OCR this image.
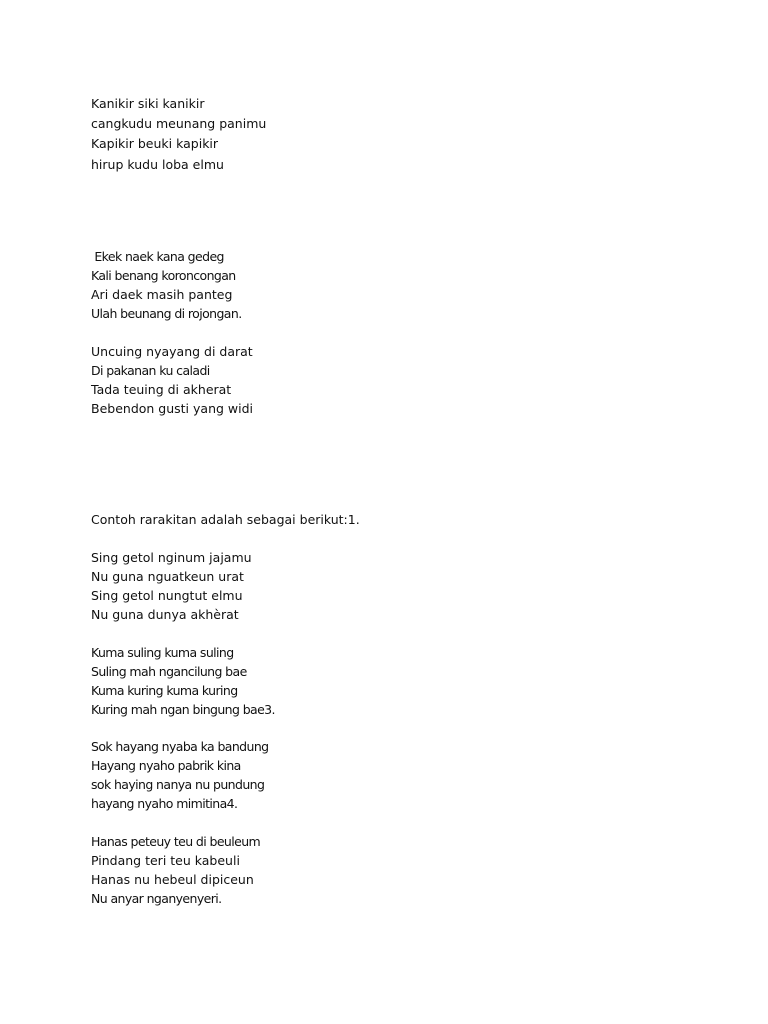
Kanikir siki kanikir
cangkudu meunang panimu
Kapikir beuki kapikir
hirup kudu loba elmu
Ekek naek kana gedeg
Kali benang koroncongan
Ari daek masih panteg
Ulah beunang di rojongan.
Uncuing nyayang di darat
Di pakanan ku caladi
Tada teuing di akherat
Bebendon gusti yang widi
Contoh rarakitan adalah sebagai berikut:1.
Sing getol nginum jajamu
Nu guna nguatkeun urat
Sing getol nungtut elmu
Nu guna dunya akhèrat
Kuma suling kuma suling
Suling mah ngancilung bae
Kuma kuring kuma kuring
Kuring mah ngan bingung bae3.
Sok hayang nyaba ka bandung
Hayang nyaho pabrik kina
sok haying nanya nu pundung
hayang nyaho mimitina4.
Hanas peteuy teu di beuleum
Pindang teri teu kabeuli
Hanas nu hebeul dipiceun
Nu anyar nganyenyeri.
